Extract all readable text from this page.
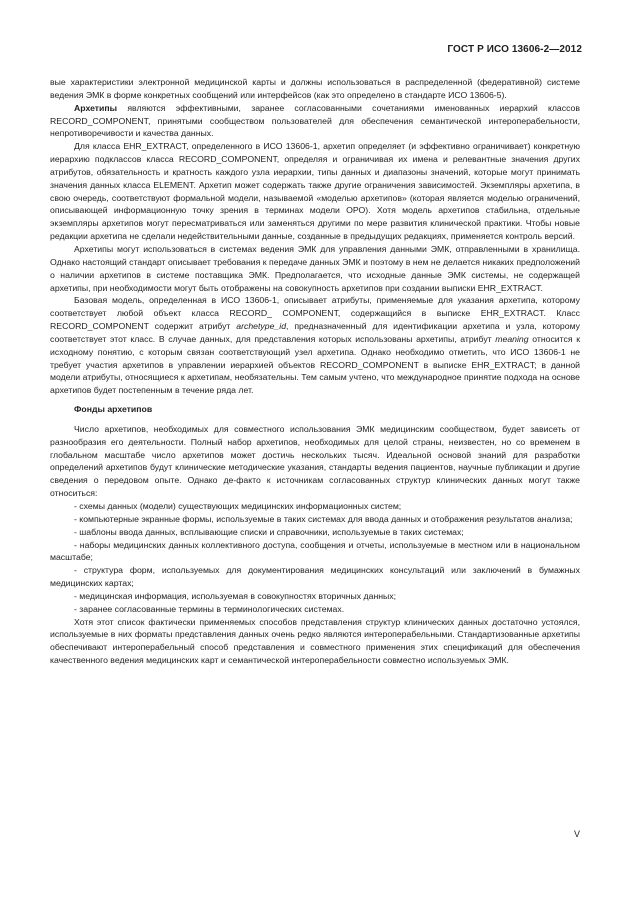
ГОСТ Р ИСО 13606-2—2012

вые характеристики электронной медицинской карты и должны использоваться в распределенной (федеративной) системе ведения ЭМК в форме конкретных сообщений или интерфейсов (как это определено в стандарте ИСО 13606-5).

Архетипы являются эффективными, заранее согласованными сочетаниями именованных иерархий классов RECORD_COMPONENT, принятыми сообществом пользователей для обеспечения семантической интероперабельности, непротиворечивости и качества данных.

Для класса EHR_EXTRACT, определенного в ИСО 13606-1, архетип определяет (и эффективно ограничивает) конкретную иерархию подклассов класса RECORD_COMPONENT, определяя и ограничивая их имена и релевантные значения других атрибутов, обязательность и кратность каждого узла иерархии, типы данных и диапазоны значений, которые могут принимать значения данных класса ELEMENT. Архетип может содержать также другие ограничения зависимостей. Экземпляры архетипа, в свою очередь, соответствуют формальной модели, называемой «моделью архетипов» (которая является моделью ограничений, описывающей информационную точку зрения в терминах модели ОРО). Хотя модель архетипов стабильна, отдельные экземпляры архетипов могут пересматриваться или заменяться другими по мере развития клинической практики. Чтобы новые редакции архетипа не сделали недействительными данные, созданные в предыдущих редакциях, применяется контроль версий.

Архетипы могут использоваться в системах ведения ЭМК для управления данными ЭМК, отправленными в хранилища. Однако настоящий стандарт описывает требования к передаче данных ЭМК и поэтому в нем не делается никаких предположений о наличии архетипов в системе поставщика ЭМК. Предполагается, что исходные данные ЭМК системы, не содержащей архетипы, при необходимости могут быть отображены на совокупность архетипов при создании выписки EHR_EXTRACT.

Базовая модель, определенная в ИСО 13606-1, описывает атрибуты, применяемые для указания архетипа, которому соответствует любой объект класса RECORD_ COMPONENT, содержащийся в выписке EHR_EXTRACT. Класс RECORD_COMPONENT содержит атрибут archetype_id, предназначенный для идентификации архетипа и узла, которому соответствует этот класс. В случае данных, для представления которых использованы архетипы, атрибут meaning относится к исходному понятию, с которым связан соответствующий узел архетипа. Однако необходимо отметить, что ИСО 13606-1 не требует участия архетипов в управлении иерархией объектов RECORD_COMPONENT в выписке EHR_EXTRACT; в данной модели атрибуты, относящиеся к архетипам, необязательны. Тем самым учтено, что международное принятие подхода на основе архетипов будет постепенным в течение ряда лет.

Фонды архетипов

Число архетипов, необходимых для совместного использования ЭМК медицинским сообществом, будет зависеть от разнообразия его деятельности. Полный набор архетипов, необходимых для целой страны, неизвестен, но со временем в глобальном масштабе число архетипов может достичь нескольких тысяч. Идеальной основой знаний для разработки определений архетипов будут клинические методические указания, стандарты ведения пациентов, научные публикации и другие сведения о передовом опыте. Однако де-факто к источникам согласованных структур клинических данных могут также относиться:

- схемы данных (модели) существующих медицинских информационных систем;

- компьютерные экранные формы, используемые в таких системах для ввода данных и отображения результатов анализа;

- шаблоны ввода данных, всплывающие списки и справочники, используемые в таких системах;

- наборы медицинских данных коллективного доступа, сообщения и отчеты, используемые в местном или в национальном масштабе;

- структура форм, используемых для документирования медицинских консультаций или заключений в бумажных медицинских картах;

- медицинская информация, используемая в совокупностях вторичных данных;

- заранее согласованные термины в терминологических системах.

Хотя этот список фактически применяемых способов представления структур клинических данных достаточно устоялся, используемые в них форматы представления данных очень редко являются интероперабельными. Стандартизованные архетипы обеспечивают интероперабельный способ представления и совместного применения этих спецификаций для обеспечения качественного ведения медицинских карт и семантической интероперабельности совместно используемых ЭМК.

V
